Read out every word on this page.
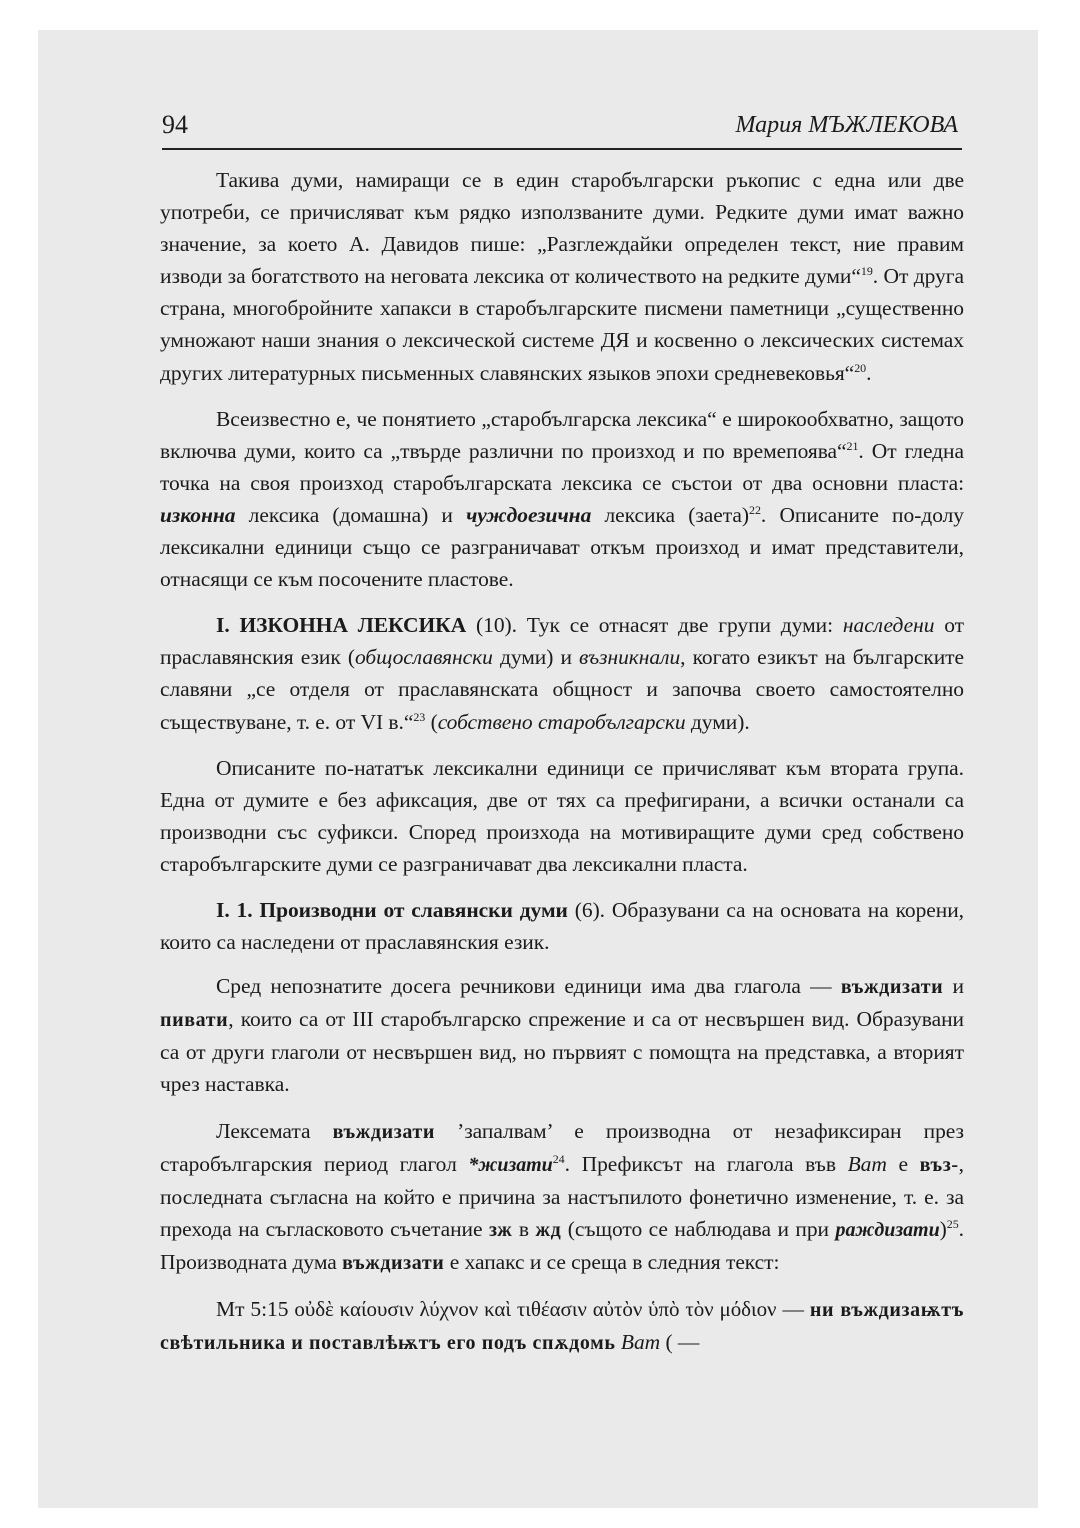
94	Мария МЪЖЛЕКОВА

Такива думи, намиращи се в един старобългарски ръкопис с една или две употреби, се причисляват към рядко използваните думи. Редките думи имат важно значение, за което А. Давидов пише: „Разглеждайки определен текст, ние правим изводи за богатството на неговата лексика от количеството на редките думи“$^{19}$. От друга страна, многобройните хапакси в старобългарските писмени паметници „существенно умножают наши знания о лексической системе ДЯ и косвенно о лексических системах других литературных письменных славянских языков эпохи средневековья“$^{20}$.

Всеизвестно е, че понятието „старобългарска лексика“ е широкообхватно, защото включва думи, които са „твърде различни по произход и по времепоява“$^{21}$. От гледна точка на своя произход старобългарската лексика се състои от два основни пласта: изконна лексика (домашна) и чуждоезична лексика (заета)$^{22}$. Описаните по-долу лексикални единици също се разграничават откъм произход и имат представители, отнасящи се към посочените пластове.

I. ИЗКОННА ЛЕКСИКА (10). Тук се отнасят две групи думи: наследени от праславянския език (общославянски думи) и възникнали, когато езикът на българските славяни „се отделя от праславянската общност и започва своето самостоятелно съществуване, т. е. от VI в.“$^{23}$ (собствено старобългарски думи).

Описаните по-нататък лексикални единици се причисляват към втората група. Една от думите е без афиксация, две от тях са префигирани, а всички останали са производни със суфикси. Според произхода на мотивиращите думи сред собствено старобългарските думи се разграничават два лексикални пласта.

I. 1. Производни от славянски думи (6). Образувани са на основата на корени, които са наследени от праславянския език.

Сред непознатите досега речникови единици има два глагола — въждизати и пивати, които са от III старобългарско спрежение и са от несвършен вид. Образувани са от други глаголи от несвършен вид, но първият с помощта на представка, а вторият чрез наставка.

Лексемата въждизати ’запалвам’ е производна от незафиксиран през старобългарския период глагол *жизати$^{24}$. Префиксът на глагола във Ват е въз-, последната съгласна на който е причина за настъпилото фонетично изменение, т. е. за прехода на съгласковото съчетание зж в жд (същото се наблюдава и при раждизати)$^{25}$. Производната дума въждизати е хапакс и се среща в следния текст:

Мт 5:15 οὐδὲ καίουσιν λύχνον καὶ τιθέασιν αὐτὸν ὑπὸ τὸν μόδιον — ни въждизаѭтъ свѣтильника и поставлѣѭтъ его подъ спѫдомь Ват ( —
